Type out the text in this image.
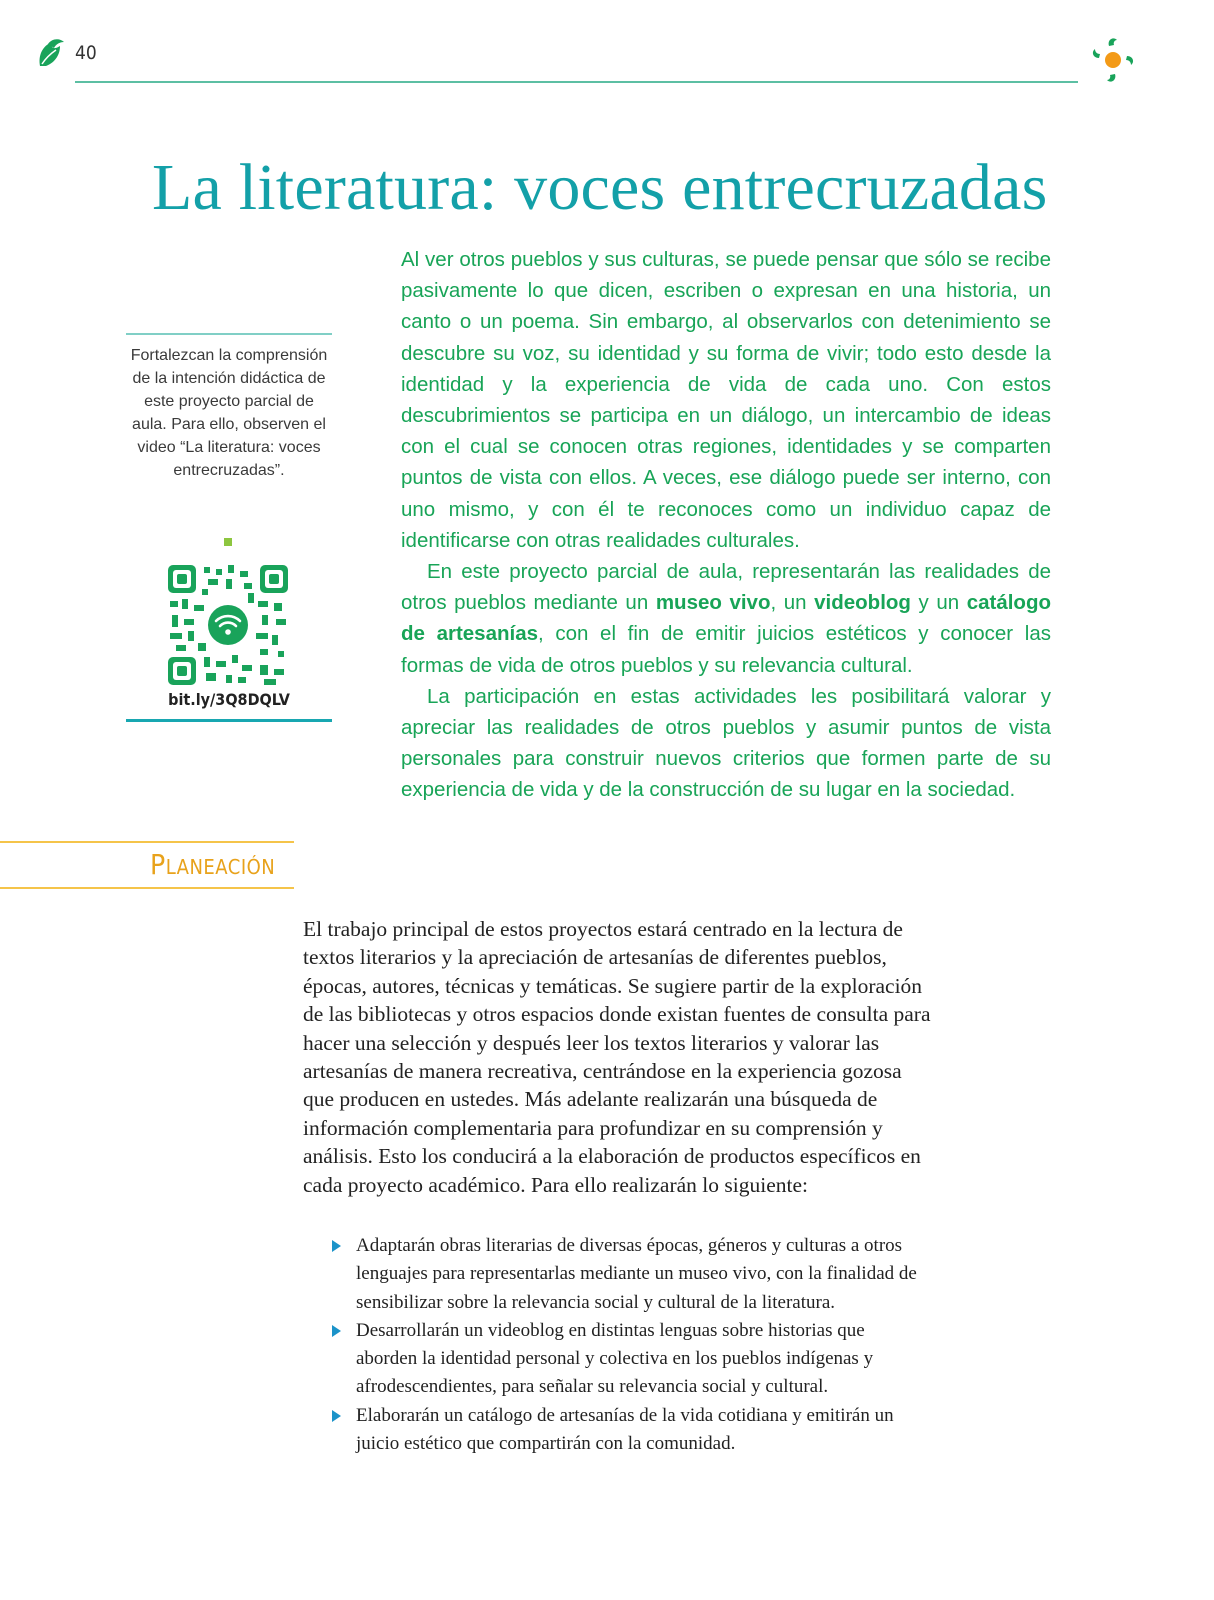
40
La literatura: voces entrecruzadas

Al ver otros pueblos y sus culturas, se puede pensar que sólo se recibe pasivamente lo que dicen, escriben o expresan en una historia, un canto o un poema. Sin embargo, al observarlos con detenimiento se descubre su voz, su identidad y su forma de vivir; todo esto desde la identidad y la experiencia de vida de cada uno. Con estos descubrimientos se participa en un diálogo, un intercambio de ideas con el cual se conocen otras regiones, identidades y se comparten puntos de vista con ellos. A veces, ese diálogo puede ser interno, con uno mismo, y con él te reconoces como un individuo capaz de identificarse con otras realidades culturales.

En este proyecto parcial de aula, representarán las realidades de otros pueblos mediante un museo vivo, un videoblog y un catálogo de artesanías, con el fin de emitir juicios estéticos y conocer las formas de vida de otros pueblos y su relevancia cultural.

La participación en estas actividades les posibilitará valorar y apreciar las realidades de otros pueblos y asumir puntos de vista personales para construir nuevos criterios que formen parte de su experiencia de vida y de la construcción de su lugar en la sociedad.

Fortalezcan la comprensión de la intención didáctica de este proyecto parcial de aula. Para ello, observen el video “La literatura: voces entrecruzadas”.

bit.ly/3Q8DQLV
Planeación

El trabajo principal de estos proyectos estará centrado en la lectura de textos literarios y la apreciación de artesanías de diferentes pueblos, épocas, autores, técnicas y temáticas. Se sugiere partir de la exploración de las bibliotecas y otros espacios donde existan fuentes de consulta para hacer una selección y después leer los textos literarios y valorar las artesanías de manera recreativa, centrándose en la experiencia gozosa que producen en ustedes. Más adelante realizarán una búsqueda de información complementaria para profundizar en su comprensión y análisis. Esto los conducirá a la elaboración de productos específicos en cada proyecto académico. Para ello realizarán lo siguiente:

Adaptarán obras literarias de diversas épocas, géneros y culturas a otros lenguajes para representarlas mediante un museo vivo, con la finalidad de sensibilizar sobre la relevancia social y cultural de la literatura.
Desarrollarán un videoblog en distintas lenguas sobre historias que aborden la identidad personal y colectiva en los pueblos indígenas y afrodescendientes, para señalar su relevancia social y cultural.
Elaborarán un catálogo de artesanías de la vida cotidiana y emitirán un juicio estético que compartirán con la comunidad.
